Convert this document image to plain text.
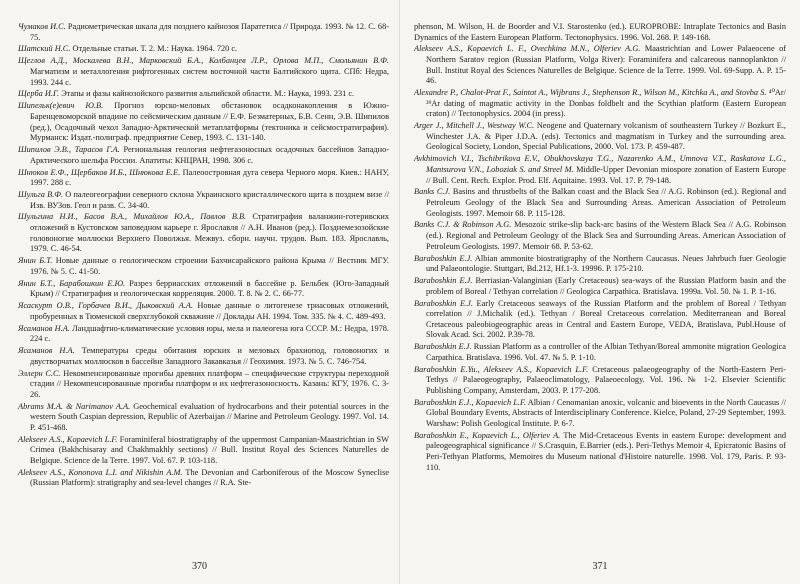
Чумаков И.С. Радиометрическая шкала для позднего кайнозоя Паратетиса // Природа. 1993. № 12. С. 68-75.

Шатский Н.С. Отдельные статьи. Т. 2. М.: Наука. 1964. 720 с.

Щеглов А.Д., Москалева В.Н., Марковский Б.А., Колбанцев Л.Р., Орлова М.П., Смольянин В.Ф. Магматизм и металлогения рифтогенных систем восточной части Балтийского щита. СПб: Недра, 1993. 244 с.

Щерба И.Г. Этапы и фазы кайнозойского развития альпийской области. М.: Наука, 1993. 231 с.

Шипельк(е)евич Ю.В. Прогноз юрско-меловых обстановок осадконакопления в Южно-Баренцевоморской впадине по сейсмическим данным // Е.Ф. Безматерных, Б.В. Сенн, Э.В. Шипилов (ред.), Осадочный чехол Западно-Арктической метаплатформы (тектоника и сейсмостратиграфия). Мурманск: Издат.-полиграф. предприятие Север, 1993. С. 131-140.

Шипилов Э.В., Тарасов Г.А. Региональная геология нефтегазоносных осадочных бассейнов Западно-Арктического шельфа России. Апатиты: КНЦРАН, 1998. 306 с.

Шнюков Е.Ф., Щербаков И.Б., Шнюкова Е.Е. Палеоостровная дуга севера Черного моря. Киев.: НАНУ, 1997. 288 с.

Шульга В.Ф. О палеогеографии северного склона Украинского кристаллического щита в позднем визе // Изв. ВУЗов. Геол и разв. С. 34-40.

Шульгина Н.И., Басов В.А., Михайлов Ю.А., Павлов В.В. Стратиграфия валанжин-готеривских отложений в Кустовском заповедном карьере г. Ярославля // А.Н. Иванов (ред.). Позднемезозойские головоногие моллюски Верхнего Поволжья. Межвуз. сборн. научн. трудов. Вып. 183. Ярославль, 1979. С. 46-54.

Янин Б.Т. Новые данные о геологическом строении Бахчисарайского района Крыма // Вестник МГУ. 1976. № 5. С. 41-50.

Янин Б.Т., Барабошкин Е.Ю. Разрез берриасских отложений в бассейне р. Бельбек (Юго-Западный Крым) // Стратиграфия и геологическая корреляция. 2000. Т. 8. № 2. С. 66-77.

Ясаскурт О.В., Горбачев В.И., Дыковский А.А. Новые данные о литогенезе триасовых отложений, пробуренных в Тюменской сверхглубокой скважине // Доклады АН. 1994. Том. 335. № 4. С. 489-493.

Ясаманов Н.А. Ландшафтно-климатические условия юры, мела и палеогена юга СССР. М.: Недра, 1978. 224 с.

Ясаманов Н.А. Температуры среды обитания юрских и меловых брахиопод, головоногих и двустворчатых моллюсков в бассейне Западного Закавказья // Геохимия. 1973. № 5. С. 746-754.

Эллерн С.С. Некомпенсированные прогибы древних платформ – специфические структуры переходной стадии // Некомпенсированные прогибы платформ и их нефтегазоносность. Казань: КГУ, 1976. С. 3-26.

Abrams M.A. & Narimanov A.A. Geochemical evaluation of hydrocarbons and their potential sources in the western South Caspian depression, Republic of Azerbaijan // Marine and Petroleum Geology. 1997. Vol. 14. P. 451-468.

Alekseev A.S., Kopaevich L.F. Foraminiferal biostratigraphy of the uppermost Campanian-Maastrichtian in SW Crimea (Bakhchisaray and Chakhmakhly sections) // Bull. Institut Royal des Sciences Naturelles de Belgique. Science de la Terre. 1997. Vol. 67. P. 103-118.

Alekseev A.S., Kononova L.I. and Nikishin A.M. The Devonian and Carboniferous of the Moscow Syneclise (Russian Platform): stratigraphy and sea-level changes // R.A. Ste-

370

phenson, M. Wilson, H. de Boorder and V.I. Starostenko (ed.). EUROPROBE: Intraplate Tectonics and Basin Dynamics of the Eastern European Platform. Tectonophysics. 1996. Vol. 268. P. 149-168.

Alekseev A.S., Kopaevich L. F., Ovechkina M.N., Olferiev A.G. Maastrichtian and Lower Palaeocene of Northern Saratov region (Russian Platform, Volga River): Foraminifera and calcareous nannoplankton // Bull. Institut Royal des Sciences Naturelles de Belgique. Science de la Terre. 1999. Vol. 69-Supp. A. P. 15-46.

Alexandre P., Chalot-Prat F., Saintot A., Wijbrans J., Stephenson R., Wilson M., Kitchka A., and Stovba S. ⁴⁰Ar/³⁹Ar dating of magmatic activity in the Donbas foldbelt and the Scythian platform (Eastern European craton) // Tectonophysics. 2004 (in press).

Arger J., Mitchell J., Westway W.C. Neogene and Quaternary volcanism of southeastern Turkey // Bozkurt E., Winchester J.A. & Piper J.D.A. (eds). Tectonics and magmatism in Turkey and the surrounding area. Geological Society, London, Special Publications, 2000. Vol. 173. P. 459-487.

Avkhimovich V.I., Tschibrikova E.V., Obukhovskaya T.G., Nazarenko A.M., Umnova V.T., Raskatova L.G., Mantsurova V.N., Loboziak S. and Streel M. Middle-Upper Devonian miospore zonation of Eastern Europe // Bull. Cent. Rech. Explor. Prod. Elf. Aquitaine. 1993. Vol. 17. P. 79-148.

Banks C.J. Basins and thrustbelts of the Balkan coast and the Black Sea // A.G. Robinson (ed.). Regional and Petroleum Geology of the Black Sea and Surrounding Areas. American Association of Petroleum Geologists. 1997. Memoir 68. P. 115-128.

Banks C.J. & Robinson A.G. Mesozoic strike-slip back-arc basins of the Western Black Sea // A.G. Robinson (ed.). Regional and Petroleum Geology of the Black Sea and Surrounding Areas. American Association of Petroleum Geologists. 1997. Memoir 68. P. 53-62.

Baraboshkin E.J. Albian ammonite biostratigraphy of the Northern Caucasus. Neues Jahrbuch fuer Geologie und Palaeontologie. Stuttgart, Bd.212, Hf.1-3. 19996. P. 175-210.

Baraboshkin E.J. Berriasian-Valanginian (Early Cretaceous) sea-ways of the Russian Platform basin and the problem of Boreal / Tethyan correlation // Geologica Carpathica. Bratislava. 1999a. Vol. 50. № 1. P. 1-16.

Baraboshkin E.J. Early Cretaceous seaways of the Russian Platform and the problem of Boreal / Tethyan correlation // J.Michalik (ed.). Tethyan / Boreal Cretaceous correlation. Mediterranean and Boreal Cretaceous paleobiogeographic areas in Central and Eastern Europe, VEDA, Bratislava, Publ.House of Slovak Acad. Sci. 2002. P.39-78.

Baraboshkin E.J. Russian Platform as a controller of the Albian Tethyan/Boreal ammonite migration Geologica Carpathica. Bratislava. 1996. Vol. 47. № 5. P. 1-10.

Baraboshkin E.Yu., Alekseev A.S., Kopaevich L.F. Cretaceous palaeogeography of the North-Eastern Peri-Tethys // Palaeogeography, Palaeoclimatology, Palaeoecology. Vol. 196. № 1-2. Elsevier Scientific Publishing Company, Amsterdam, 2003. P. 177-208.

Baraboshkin E.J., Kopaevich L.F. Albian / Cenomanian anoxic, volcanic and bioevents in the North Caucasus // Global Boundary Events, Abstracts of Interdisciplinary Conference. Kielce, Poland, 27-29 September, 1993. Warshaw: Polish Geological Institute. P. 6-7.

Baraboshkin E., Kopaevich L., Olferiev A. The Mid-Cretaceous Events in eastern Europe: development and paleogeographical significance // S.Crasquin, E.Barrier (eds.). Peri-Tethys Memoir 4, Epicratonic Basins of Peri-Tethyan Platforms, Memoires du Museum national d'Histoire naturelle. 1998. Vol. 179, Paris. P. 93-110.

371
